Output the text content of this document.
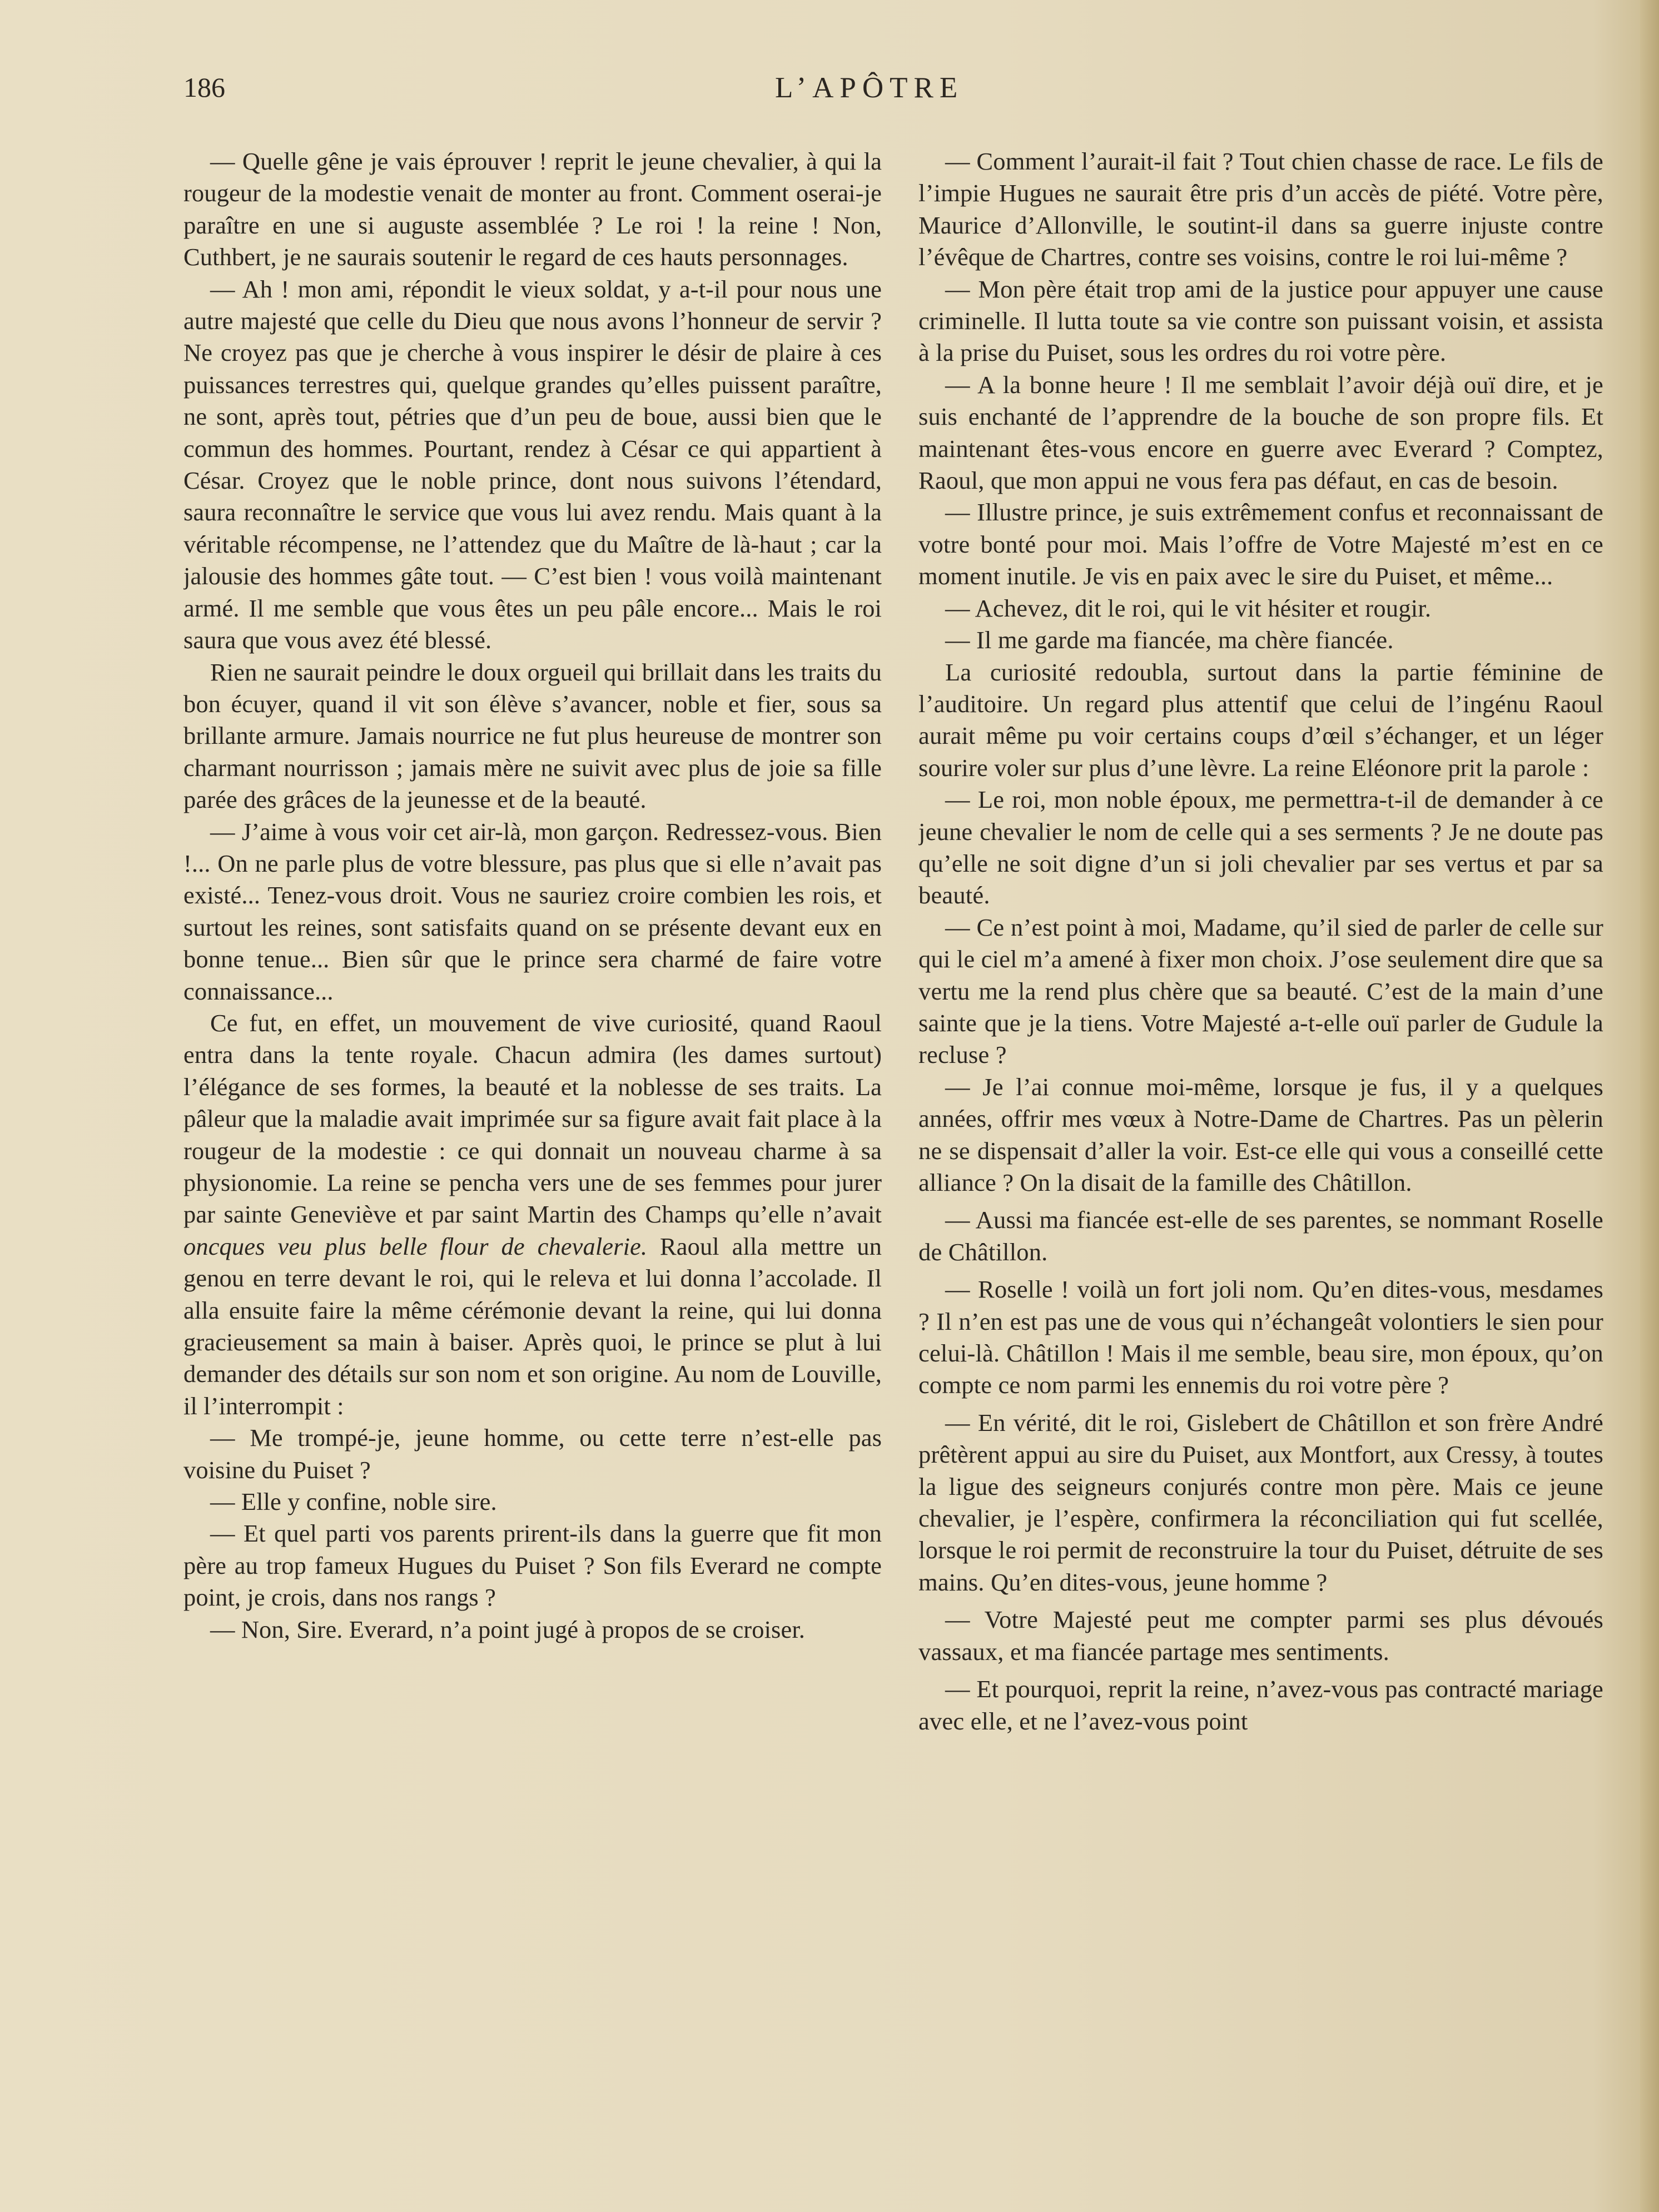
186	L’APÔTRE

— Quelle gêne je vais éprouver ! reprit le jeune chevalier, à qui la rougeur de la modestie venait de monter au front. Comment oserai-je paraître en une si auguste assemblée ? Le roi ! la reine ! Non, Cuthbert, je ne saurais soutenir le regard de ces hauts personnages.

— Ah ! mon ami, répondit le vieux soldat, y a-t-il pour nous une autre majesté que celle du Dieu que nous avons l’honneur de servir ? Ne croyez pas que je cherche à vous inspirer le désir de plaire à ces puissances terrestres qui, quelque grandes qu’elles puissent paraître, ne sont, après tout, pétries que d’un peu de boue, aussi bien que le commun des hommes. Pourtant, rendez à César ce qui appartient à César. Croyez que le noble prince, dont nous suivons l’étendard, saura reconnaître le service que vous lui avez rendu. Mais quant à la véritable récompense, ne l’attendez que du Maître de là-haut ; car la jalousie des hommes gâte tout. — C’est bien ! vous voilà maintenant armé. Il me semble que vous êtes un peu pâle encore... Mais le roi saura que vous avez été blessé.

Rien ne saurait peindre le doux orgueil qui brillait dans les traits du bon écuyer, quand il vit son élève s’avancer, noble et fier, sous sa brillante armure. Jamais nourrice ne fut plus heureuse de montrer son charmant nourrisson ; jamais mère ne suivit avec plus de joie sa fille parée des grâces de la jeunesse et de la beauté.

— J’aime à vous voir cet air-là, mon garçon. Redressez-vous. Bien !... On ne parle plus de votre blessure, pas plus que si elle n’avait pas existé... Tenez-vous droit. Vous ne sauriez croire combien les rois, et surtout les reines, sont satisfaits quand on se présente devant eux en bonne tenue... Bien sûr que le prince sera charmé de faire votre connaissance...

Ce fut, en effet, un mouvement de vive curiosité, quand Raoul entra dans la tente royale. Chacun admira (les dames surtout) l’élégance de ses formes, la beauté et la noblesse de ses traits. La pâleur que la maladie avait imprimée sur sa figure avait fait place à la rougeur de la modestie : ce qui donnait un nouveau charme à sa physionomie. La reine se pencha vers une de ses femmes pour jurer par sainte Geneviève et par saint Martin des Champs qu’elle n’avait oncques veu plus belle flour de chevalerie. Raoul alla mettre un genou en terre devant le roi, qui le releva et lui donna l’accolade. Il alla ensuite faire la même cérémonie devant la reine, qui lui donna gracieusement sa main à baiser. Après quoi, le prince se plut à lui demander des détails sur son nom et son origine. Au nom de Louville, il l’interrompit :

— Me trompé-je, jeune homme, ou cette terre n’est-elle pas voisine du Puiset ?

— Elle y confine, noble sire.

— Et quel parti vos parents prirent-ils dans la guerre que fit mon père au trop fameux Hugues du Puiset ? Son fils Everard ne compte point, je crois, dans nos rangs ?

— Non, Sire. Everard, n’a point jugé à propos de se croiser.

— Comment l’aurait-il fait ? Tout chien chasse de race. Le fils de l’impie Hugues ne saurait être pris d’un accès de piété. Votre père, Maurice d’Allonville, le soutint-il dans sa guerre injuste contre l’évêque de Chartres, contre ses voisins, contre le roi lui-même ?

— Mon père était trop ami de la justice pour appuyer une cause criminelle. Il lutta toute sa vie contre son puissant voisin, et assista à la prise du Puiset, sous les ordres du roi votre père.

— A la bonne heure ! Il me semblait l’avoir déjà ouï dire, et je suis enchanté de l’apprendre de la bouche de son propre fils. Et maintenant êtes-vous encore en guerre avec Everard ? Comptez, Raoul, que mon appui ne vous fera pas défaut, en cas de besoin.

— Illustre prince, je suis extrêmement confus et reconnaissant de votre bonté pour moi. Mais l’offre de Votre Majesté m’est en ce moment inutile. Je vis en paix avec le sire du Puiset, et même...

— Achevez, dit le roi, qui le vit hésiter et rougir.

— Il me garde ma fiancée, ma chère fiancée.

La curiosité redoubla, surtout dans la partie féminine de l’auditoire. Un regard plus attentif que celui de l’ingénu Raoul aurait même pu voir certains coups d’œil s’échanger, et un léger sourire voler sur plus d’une lèvre. La reine Eléonore prit la parole :

— Le roi, mon noble époux, me permettra-t-il de demander à ce jeune chevalier le nom de celle qui a ses serments ? Je ne doute pas qu’elle ne soit digne d’un si joli chevalier par ses vertus et par sa beauté.

— Ce n’est point à moi, Madame, qu’il sied de parler de celle sur qui le ciel m’a amené à fixer mon choix. J’ose seulement dire que sa vertu me la rend plus chère que sa beauté. C’est de la main d’une sainte que je la tiens. Votre Majesté a-t-elle ouï parler de Gudule la recluse ?

— Je l’ai connue moi-même, lorsque je fus, il y a quelques années, offrir mes vœux à Notre-Dame de Chartres. Pas un pèlerin ne se dispensait d’aller la voir. Est-ce elle qui vous a conseillé cette alliance ? On la disait de la famille des Châtillon.

— Aussi ma fiancée est-elle de ses parentes, se nommant Roselle de Châtillon.

— Roselle ! voilà un fort joli nom. Qu’en dites-vous, mesdames ? Il n’en est pas une de vous qui n’échangeât volontiers le sien pour celui-là. Châtillon ! Mais il me semble, beau sire, mon époux, qu’on compte ce nom parmi les ennemis du roi votre père ?

— En vérité, dit le roi, Gislebert de Châtillon et son frère André prêtèrent appui au sire du Puiset, aux Montfort, aux Cressy, à toutes la ligue des seigneurs conjurés contre mon père. Mais ce jeune chevalier, je l’espère, confirmera la réconciliation qui fut scellée, lorsque le roi permit de reconstruire la tour du Puiset, détruite de ses mains. Qu’en dites-vous, jeune homme ?

— Votre Majesté peut me compter parmi ses plus dévoués vassaux, et ma fiancée partage mes sentiments.

— Et pourquoi, reprit la reine, n’avez-vous pas contracté mariage avec elle, et ne l’avez-vous point
